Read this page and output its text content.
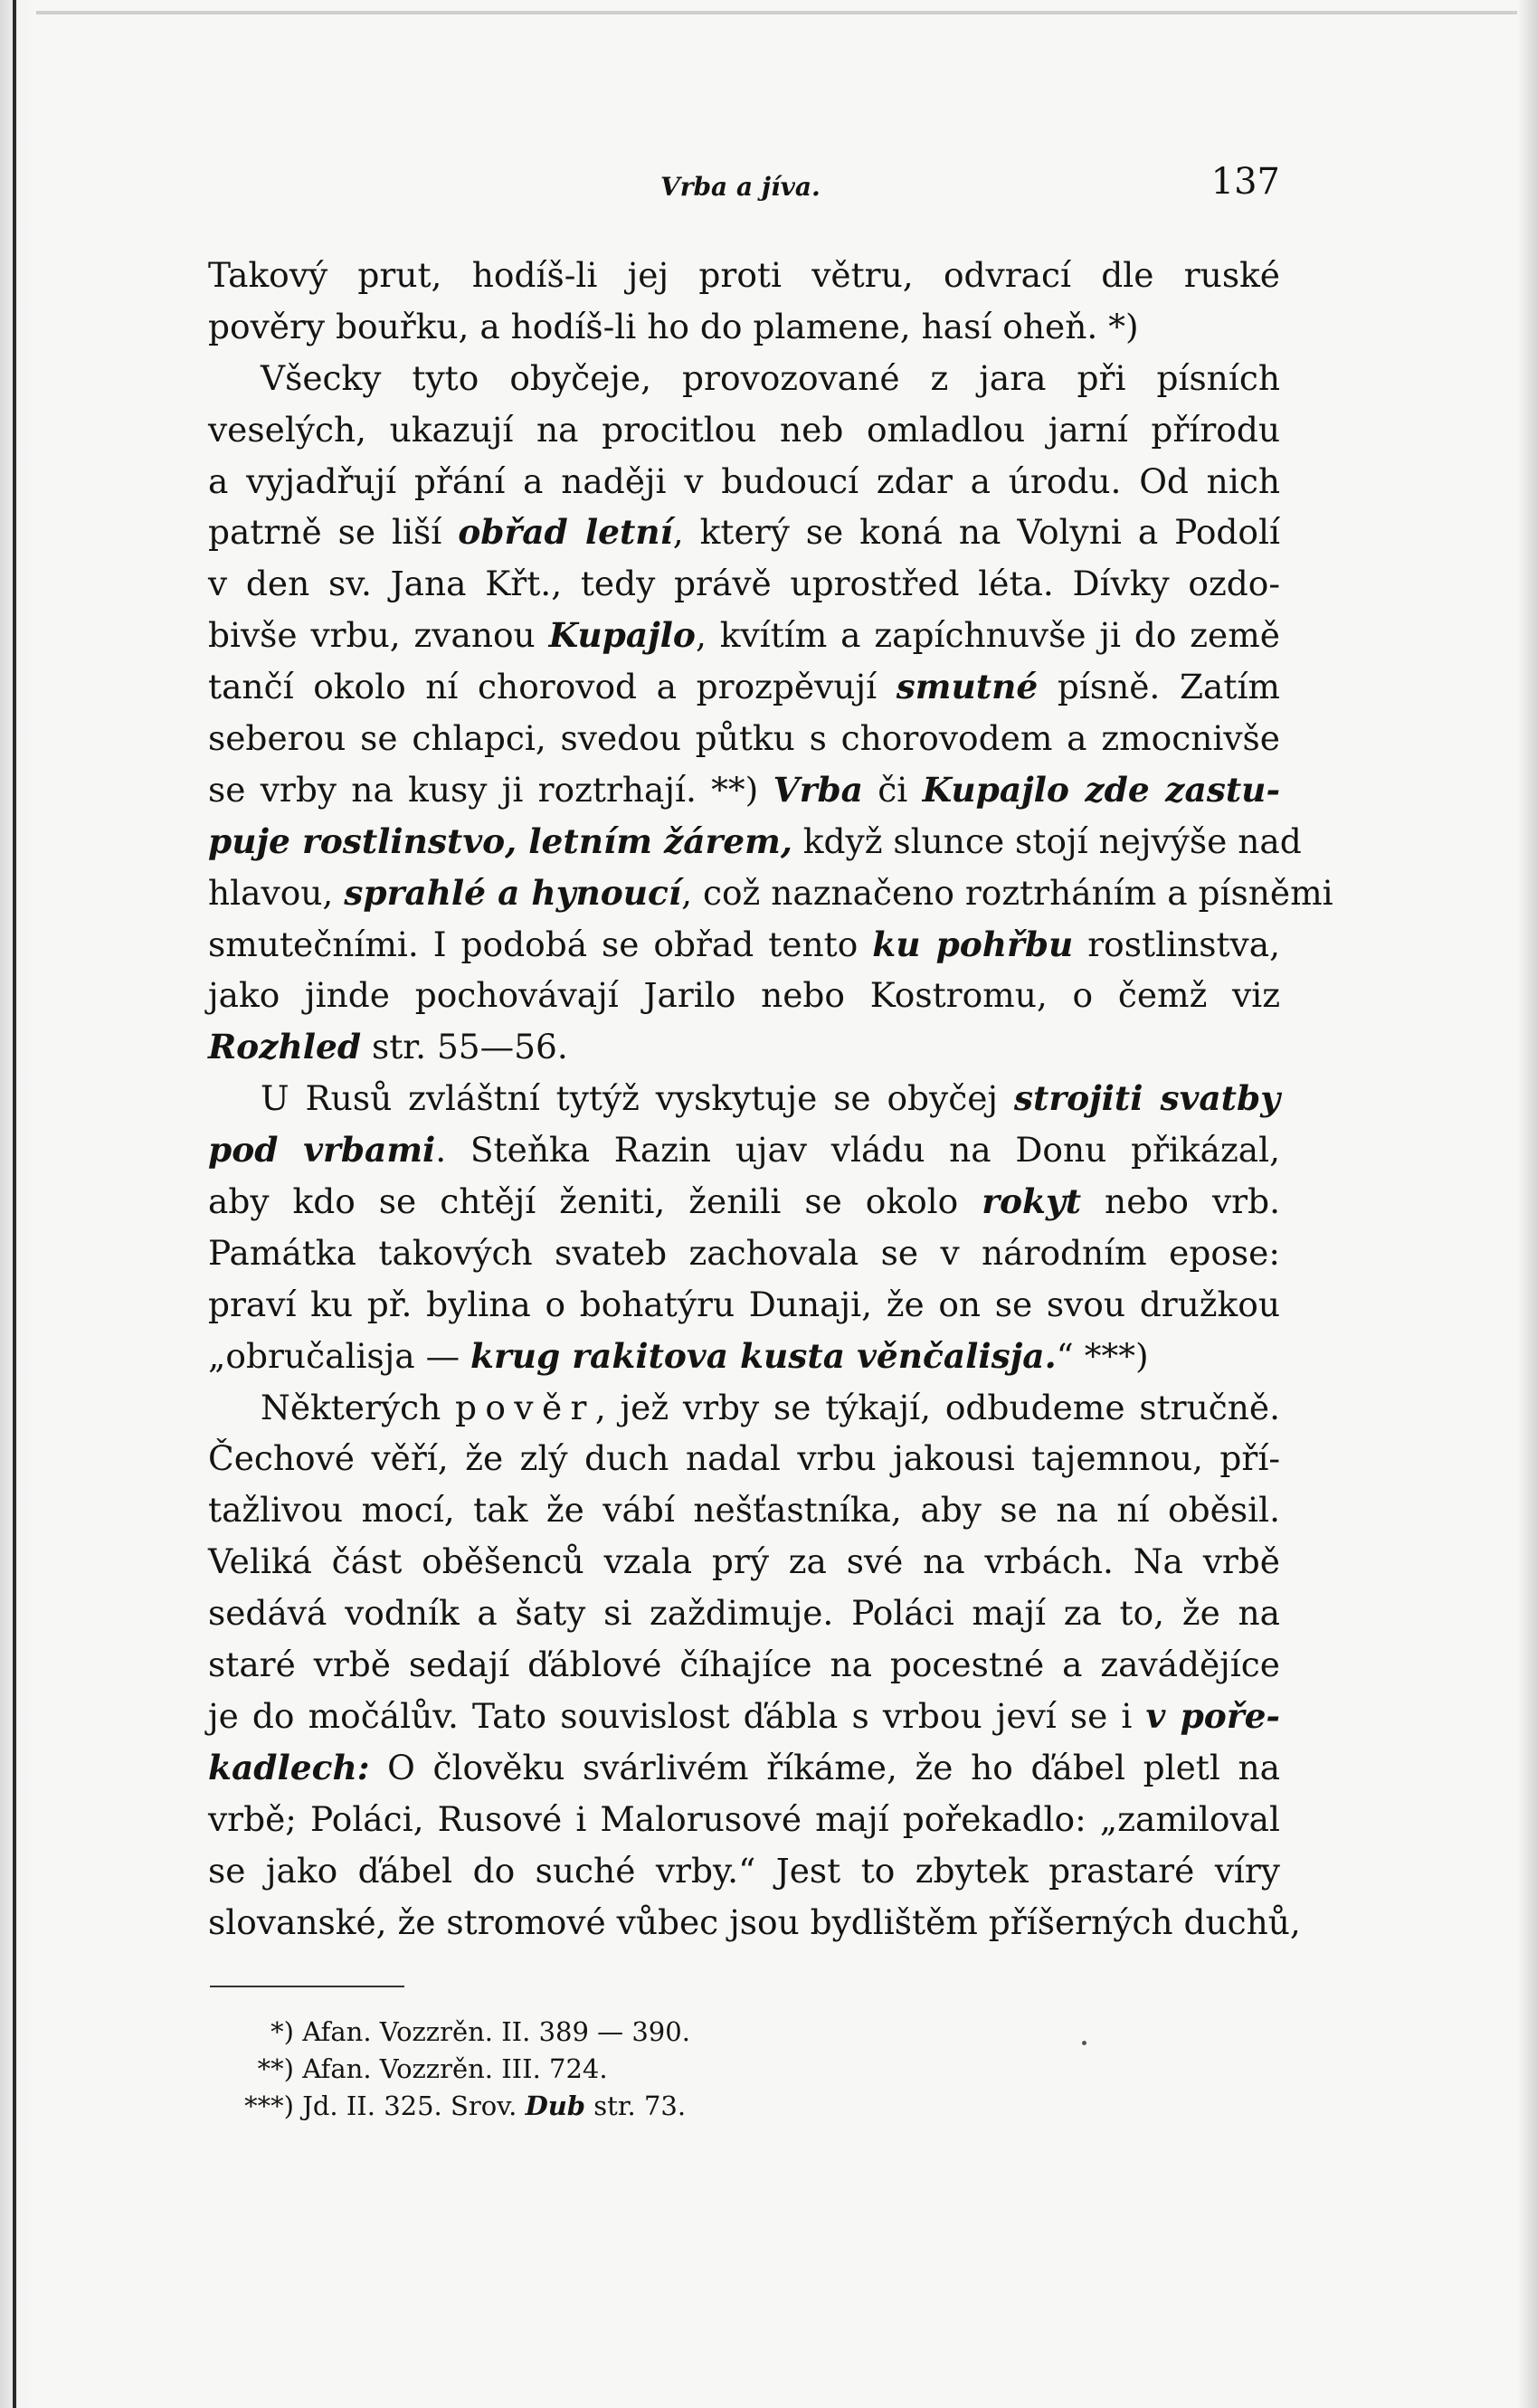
Vrba a jíva.	137
Takový prut, hodíš-li jej proti větru, odvrací dle ruské
pověry bouřku, a hodíš-li ho do plamene, hasí oheň. *)
Všecky tyto obyčeje, provozované z jara při písních
veselých, ukazují na procitlou neb omladlou jarní přírodu
a vyjadřují přání a naději v budoucí zdar a úrodu. Od nich
patrně se liší obřad letní, který se koná na Volyni a Podolí
v den sv. Jana Křt., tedy právě uprostřed léta. Dívky ozdo-
bivše vrbu, zvanou Kupajlo, kvítím a zapíchnuvše ji do země
tančí okolo ní chorovod a prozpěvují smutné písně. Zatím
seberou se chlapci, svedou půtku s chorovodem a zmocnivše
se vrby na kusy ji roztrhají. **) Vrba či Kupajlo zde zastu-
puje rostlinstvo, letním žárem, když slunce stojí nejvýše nad
hlavou, sprahlé a hynoucí, což naznačeno roztrháním a písněmi
smutečními. I podobá se obřad tento ku pohřbu rostlinstva,
jako jinde pochovávají Jarilo nebo Kostromu, o čemž viz
Rozhled str. 55—56.
U Rusů zvláštní tytýž vyskytuje se obyčej strojiti svatby
pod vrbami. Steňka Razin ujav vládu na Donu přikázal,
aby kdo se chtějí ženiti, ženili se okolo rokyt nebo vrb.
Památka takových svateb zachovala se v národním epose:
praví ku př. bylina o bohatýru Dunaji, že on se svou družkou
„obručalisja — krug rakitova kusta věnčalisja.“ ***)
Některých pověr, jež vrby se týkají, odbudeme stručně.
Čechové věří, že zlý duch nadal vrbu jakousi tajemnou, pří-
tažlivou mocí, tak že vábí nešťastníka, aby se na ní oběsil.
Veliká část oběšenců vzala prý za své na vrbách. Na vrbě
sedává vodník a šaty si zaždimuje. Poláci mají za to, že na
staré vrbě sedají ďáblové číhajíce na pocestné a zavádějíce
je do močálův. Tato souvislost ďábla s vrbou jeví se i v pořе-
kadlech: O člověku svárlivém říkáme, že ho ďábel pletl na
vrbě; Poláci, Rusové i Malorusové mají pořekadlo: „zamiloval
se jako ďábel do suché vrby.“ Jest to zbytek prastaré víry
slovanské, že stromové vůbec jsou bydlištěm příšerných duchů,
*) Afan. Vozzrěn. II. 389 — 390.
**) Afan. Vozzrěn. III. 724.
***) Jd. II. 325. Srov. Dub str. 73.
